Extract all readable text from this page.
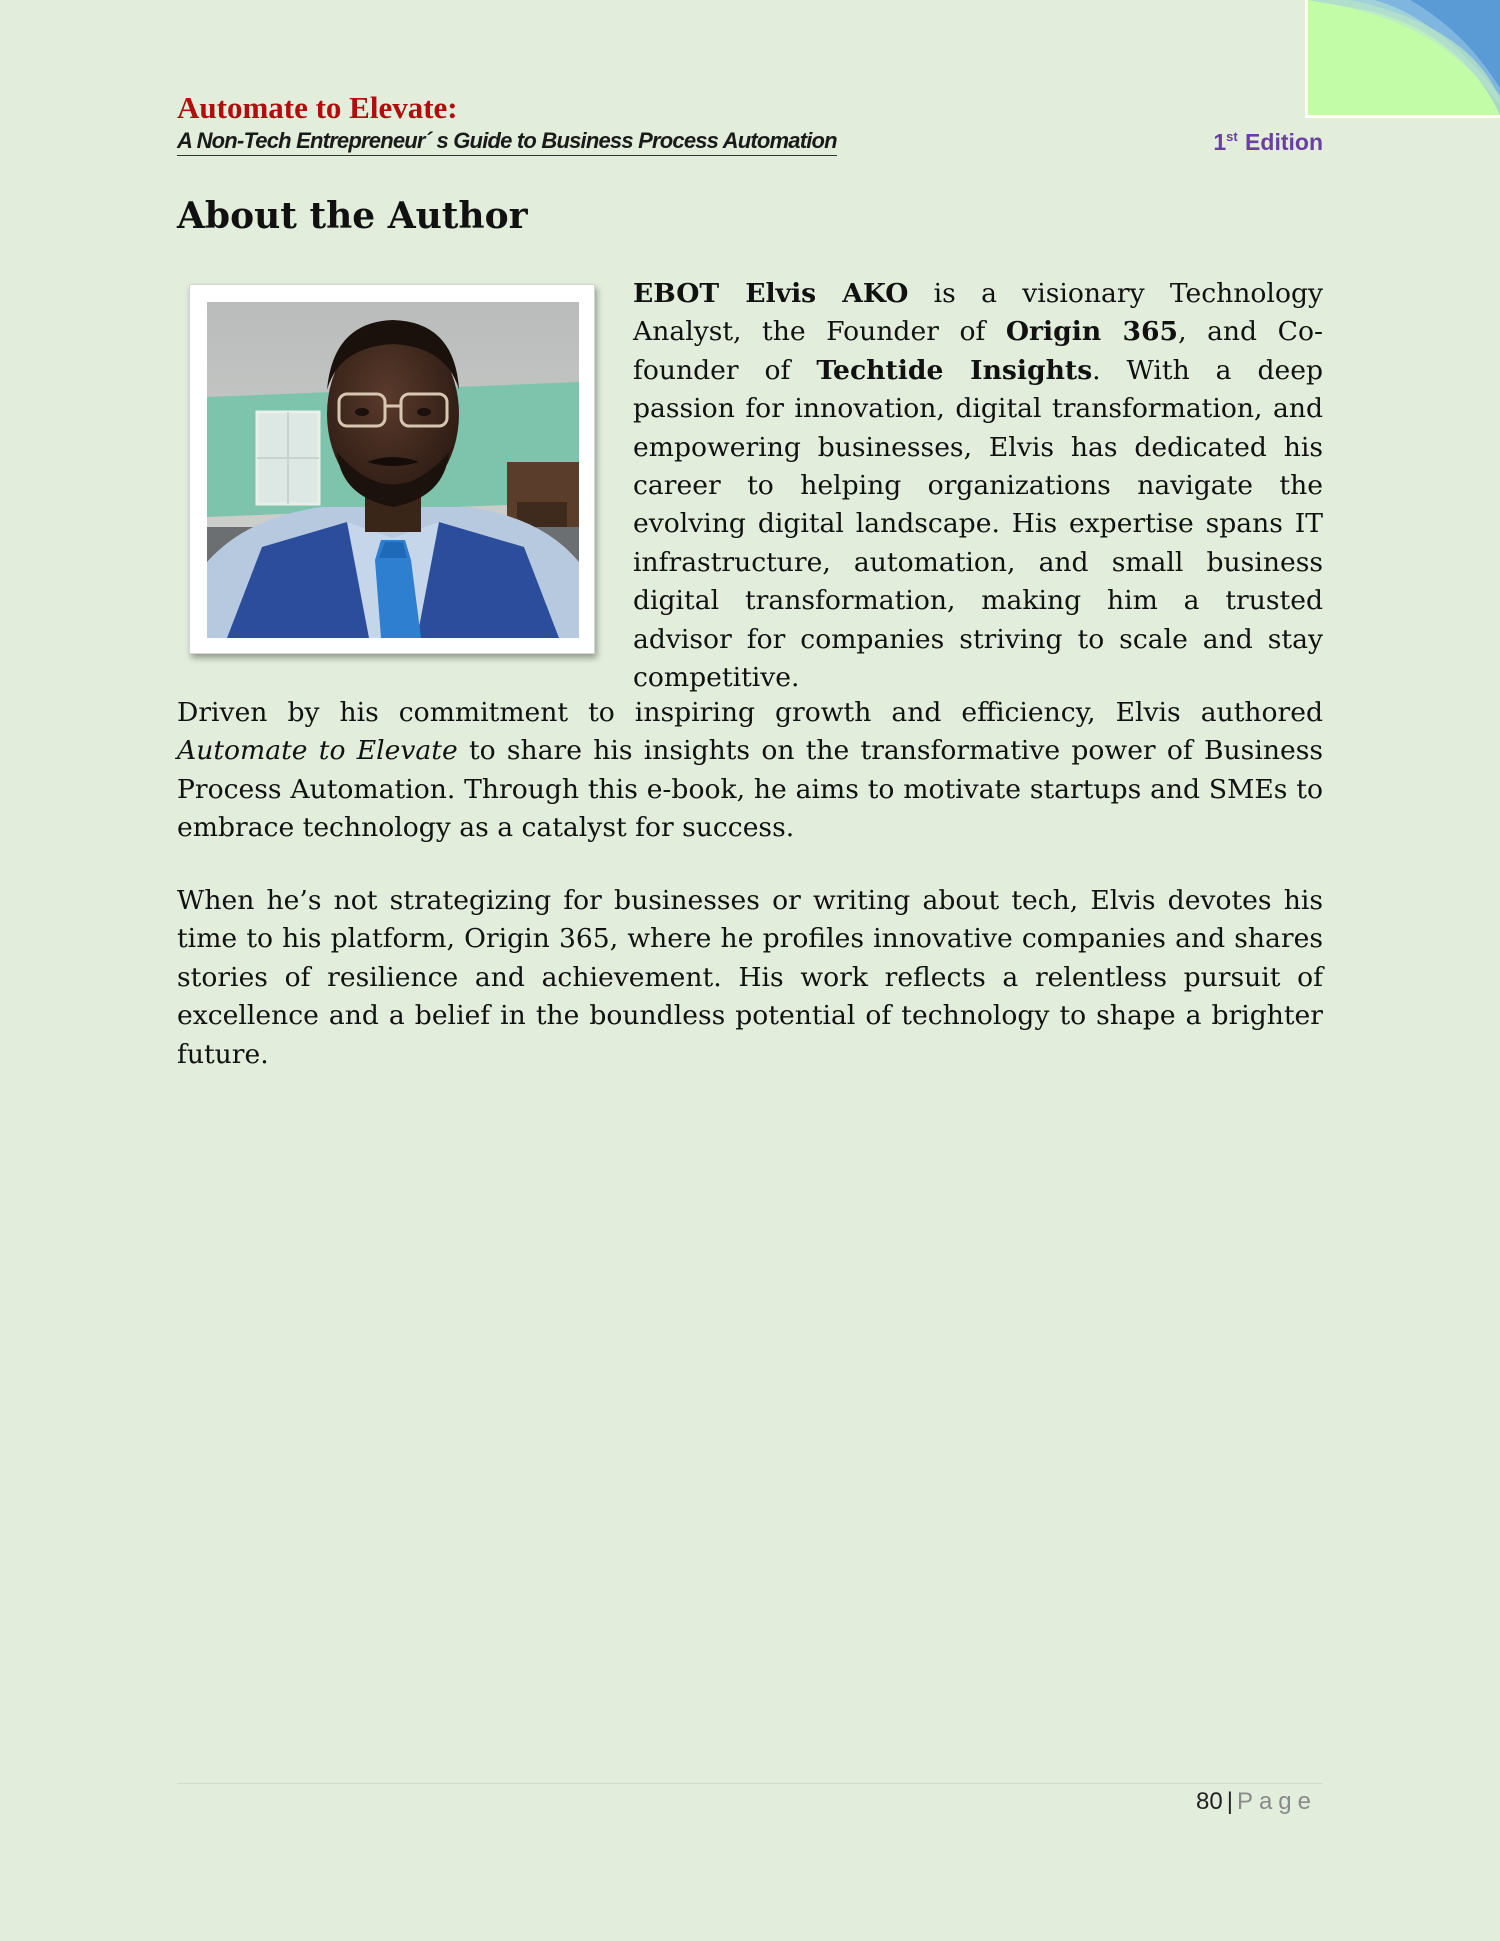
Automate to Elevate:
A Non-Tech Entrepreneur´ s Guide to Business Process Automation	1st Edition
About the Author

EBOT Elvis AKO is a visionary Technology Analyst, the Founder of Origin 365, and Co-founder of Techtide Insights. With a deep passion for innovation, digital transformation, and empowering businesses, Elvis has dedicated his career to helping organizations navigate the evolving digital landscape. His expertise spans IT infrastructure, automation, and small business digital transformation, making him a trusted advisor for companies striving to scale and stay competitive.

Driven by his commitment to inspiring growth and efficiency, Elvis authored Automate to Elevate to share his insights on the transformative power of Business Process Automation. Through this e-book, he aims to motivate startups and SMEs to embrace technology as a catalyst for success.

When he’s not strategizing for businesses or writing about tech, Elvis devotes his time to his platform, Origin 365, where he profiles innovative companies and shares stories of resilience and achievement. His work reflects a relentless pursuit of excellence and a belief in the boundless potential of technology to shape a brighter future.

80 | Page
